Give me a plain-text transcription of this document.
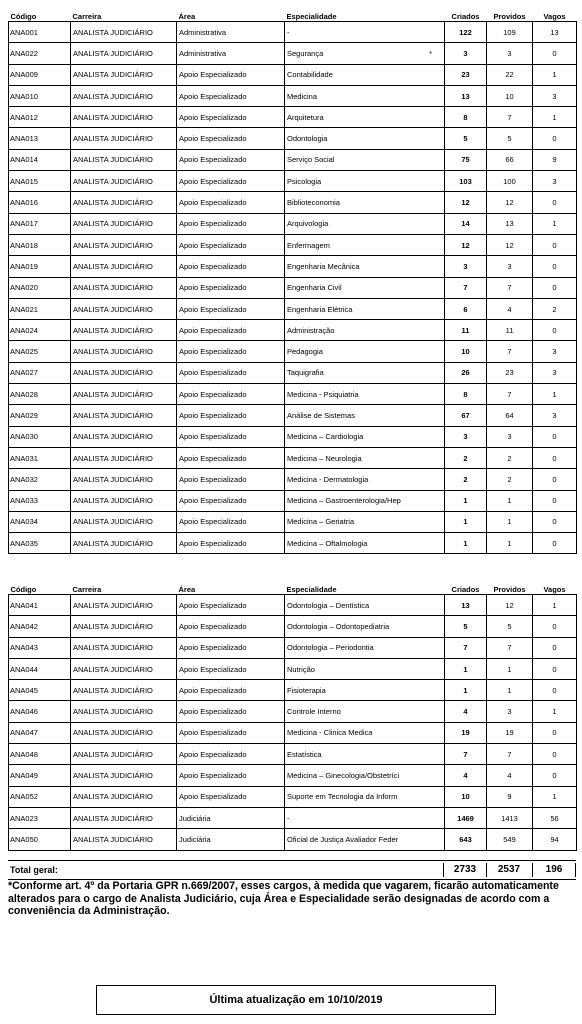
Código	Carreira	Área	Especialidade	Criados	Providos	Vagos
ANA001	ANALISTA JUDICIÁRIO	Administrativa	-	122	109	13
ANA022	ANALISTA JUDICIÁRIO	Administrativa	Segurança *	3	3	0
ANA009	ANALISTA JUDICIÁRIO	Apoio Especializado	Contabilidade	23	22	1
ANA010	ANALISTA JUDICIÁRIO	Apoio Especializado	Medicina	13	10	3
ANA012	ANALISTA JUDICIÁRIO	Apoio Especializado	Arquitetura	8	7	1
ANA013	ANALISTA JUDICIÁRIO	Apoio Especializado	Odontologia	5	5	0
ANA014	ANALISTA JUDICIÁRIO	Apoio Especializado	Serviço Social	75	66	9
ANA015	ANALISTA JUDICIÁRIO	Apoio Especializado	Psicologia	103	100	3
ANA016	ANALISTA JUDICIÁRIO	Apoio Especializado	Biblioteconomia	12	12	0
ANA017	ANALISTA JUDICIÁRIO	Apoio Especializado	Arquivologia	14	13	1
ANA018	ANALISTA JUDICIÁRIO	Apoio Especializado	Enfermagem	12	12	0
ANA019	ANALISTA JUDICIÁRIO	Apoio Especializado	Engenharia Mecânica	3	3	0
ANA020	ANALISTA JUDICIÁRIO	Apoio Especializado	Engenharia Civil	7	7	0
ANA021	ANALISTA JUDICIÁRIO	Apoio Especializado	Engenharia Elétrica	6	4	2
ANA024	ANALISTA JUDICIÁRIO	Apoio Especializado	Administração	11	11	0
ANA025	ANALISTA JUDICIÁRIO	Apoio Especializado	Pedagogia	10	7	3
ANA027	ANALISTA JUDICIÁRIO	Apoio Especializado	Taquigrafia	26	23	3
ANA028	ANALISTA JUDICIÁRIO	Apoio Especializado	Medicina - Psiquiatria	8	7	1
ANA029	ANALISTA JUDICIÁRIO	Apoio Especializado	Análise de Sistemas	67	64	3
ANA030	ANALISTA JUDICIÁRIO	Apoio Especializado	Medicina – Cardiologia	3	3	0
ANA031	ANALISTA JUDICIÁRIO	Apoio Especializado	Medicina – Neurologia	2	2	0
ANA032	ANALISTA JUDICIÁRIO	Apoio Especializado	Medicina - Dermatologia	2	2	0
ANA033	ANALISTA JUDICIÁRIO	Apoio Especializado	Medicina – Gastroenterologia/Hep	1	1	0
ANA034	ANALISTA JUDICIÁRIO	Apoio Especializado	Medicina – Geriatria	1	1	0
ANA035	ANALISTA JUDICIÁRIO	Apoio Especializado	Medicina – Oftalmologia	1	1	0
Código	Carreira	Área	Especialidade	Criados	Providos	Vagos
ANA041	ANALISTA JUDICIÁRIO	Apoio Especializado	Odontologia – Dentística	13	12	1
ANA042	ANALISTA JUDICIÁRIO	Apoio Especializado	Odontologia – Odontopediatria	5	5	0
ANA043	ANALISTA JUDICIÁRIO	Apoio Especializado	Odontologia – Periodontia	7	7	0
ANA044	ANALISTA JUDICIÁRIO	Apoio Especializado	Nutrição	1	1	0
ANA045	ANALISTA JUDICIÁRIO	Apoio Especializado	Fisioterapia	1	1	0
ANA046	ANALISTA JUDICIÁRIO	Apoio Especializado	Controle Interno	4	3	1
ANA047	ANALISTA JUDICIÁRIO	Apoio Especializado	Medicina - Clinica Medica	19	19	0
ANA048	ANALISTA JUDICIÁRIO	Apoio Especializado	Estatística	7	7	0
ANA049	ANALISTA JUDICIÁRIO	Apoio Especializado	Medicina – Ginecologia/Obstetríci	4	4	0
ANA052	ANALISTA JUDICIÁRIO	Apoio Especializado	Suporte em Tecnologia da Inform	10	9	1
ANA023	ANALISTA JUDICIÁRIO	Judiciária	-	1469	1413	56
ANA050	ANALISTA JUDICIÁRIO	Judiciária	Oficial de Justiça Avaliador Feder	643	549	94
Total geral:	2733	2537	196
*Conforme art. 4º da Portaria GPR n.669/2007, esses cargos, à medida que vagarem, ficarão automaticamente alterados para o cargo de Analista Judiciário, cuja Área e Especialidade serão designadas de acordo com a conveniência da Administração.
Última atualização em 10/10/2019
